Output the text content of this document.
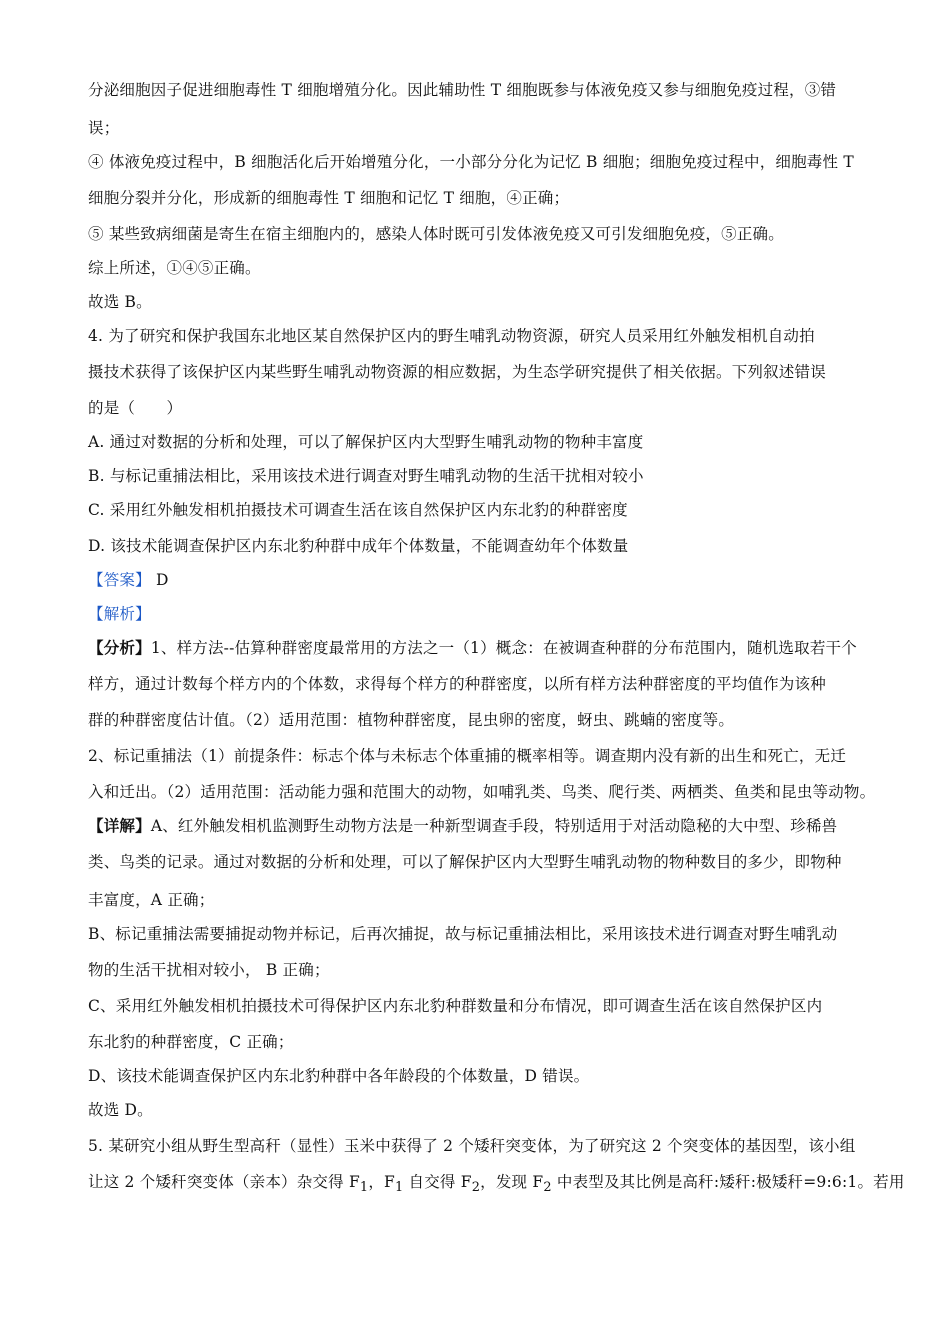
分泌细胞因子促进细胞毒性 T 细胞增殖分化。因此辅助性 T 细胞既参与体液免疫又参与细胞免疫过程，③错
误；
④ 体液免疫过程中，B 细胞活化后开始增殖分化，一小部分分化为记忆 B 细胞；细胞免疫过程中，细胞毒性 T
细胞分裂并分化，形成新的细胞毒性 T 细胞和记忆 T 细胞，④正确；
⑤ 某些致病细菌是寄生在宿主细胞内的，感染人体时既可引发体液免疫又可引发细胞免疫，⑤正确。
综上所述，①④⑤正确。
故选 B。
4. 为了研究和保护我国东北地区某自然保护区内的野生哺乳动物资源，研究人员采用红外触发相机自动拍
摄技术获得了该保护区内某些野生哺乳动物资源的相应数据，为生态学研究提供了相关依据。下列叙述错误
的是（　　）
A. 通过对数据的分析和处理，可以了解保护区内大型野生哺乳动物的物种丰富度
B. 与标记重捕法相比，采用该技术进行调查对野生哺乳动物的生活干扰相对较小
C. 采用红外触发相机拍摄技术可调查生活在该自然保护区内东北豹的种群密度
D. 该技术能调查保护区内东北豹种群中成年个体数量，不能调查幼年个体数量
【答案】 D
【解析】
【分析】1、样方法--估算种群密度最常用的方法之一（1）概念：在被调查种群的分布范围内，随机选取若干个
样方，通过计数每个样方内的个体数，求得每个样方的种群密度，以所有样方法种群密度的平均值作为该种
群的种群密度估计值。（2）适用范围：植物种群密度，昆虫卵的密度，蚜虫、跳蝻的密度等。
2、标记重捕法（1）前提条件：标志个体与未标志个体重捕的概率相等。调查期内没有新的出生和死亡，无迁
入和迁出。（2）适用范围：活动能力强和范围大的动物，如哺乳类、鸟类、爬行类、两栖类、鱼类和昆虫等动物。
【详解】A、红外触发相机监测野生动物方法是一种新型调查手段，特别适用于对活动隐秘的大中型、珍稀兽
类、鸟类的记录。通过对数据的分析和处理，可以了解保护区内大型野生哺乳动物的物种数目的多少，即物种
丰富度，A 正确；
B、标记重捕法需要捕捉动物并标记，后再次捕捉，故与标记重捕法相比，采用该技术进行调查对野生哺乳动
物的生活干扰相对较小， B 正确；
C、采用红外触发相机拍摄技术可得保护区内东北豹种群数量和分布情况，即可调查生活在该自然保护区内
东北豹的种群密度，C 正确；
D、该技术能调查保护区内东北豹种群中各年龄段的个体数量，D 错误。
故选 D。
5. 某研究小组从野生型高秆（显性）玉米中获得了 2 个矮秆突变体，为了研究这 2 个突变体的基因型，该小组
让这 2 个矮秆突变体（亲本）杂交得 $F_1$，$F_1$ 自交得 $F_2$，发现 $F_2$ 中表型及其比例是高秆:矮秆:极矮秆=9:6:1。若用
